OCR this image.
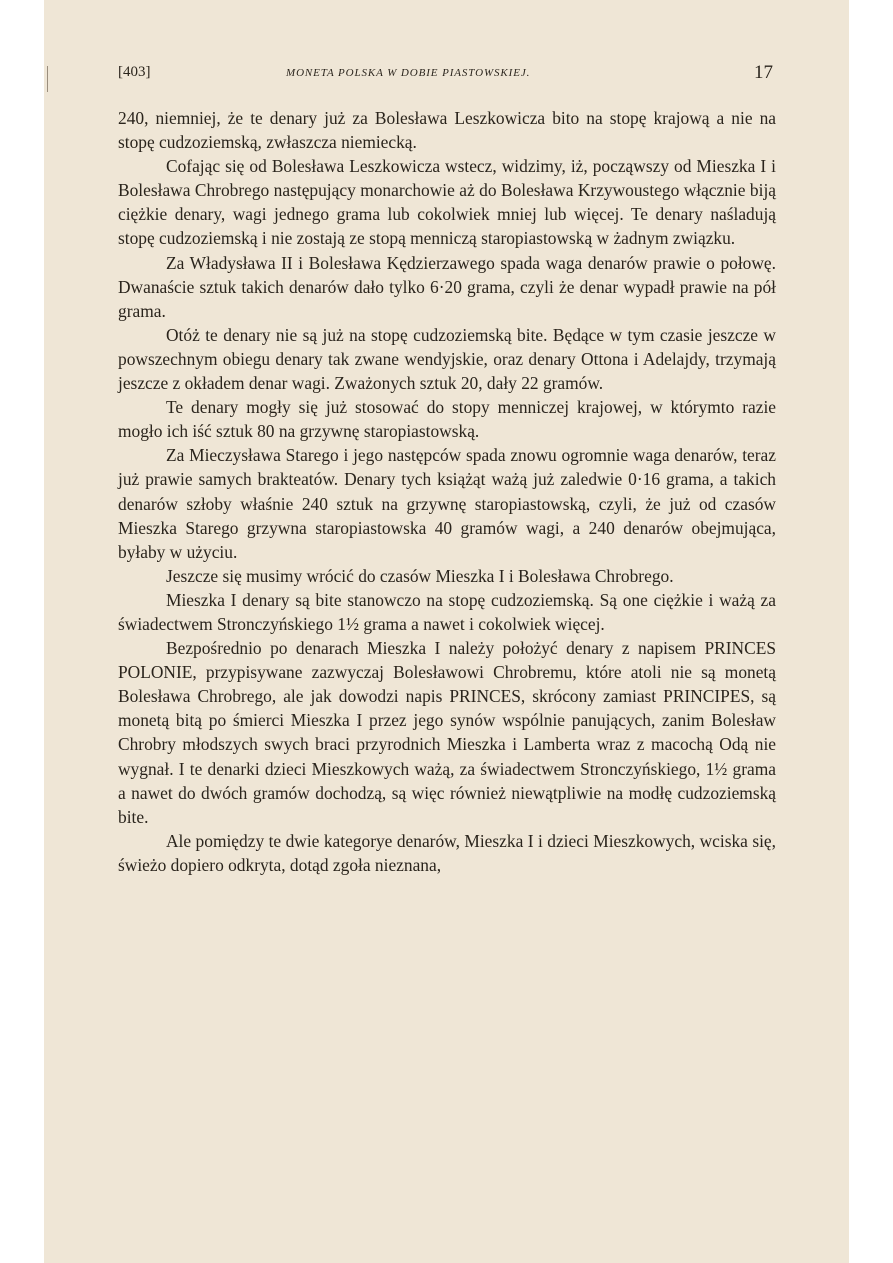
[403]	MONETA POLSKA W DOBIE PIASTOWSKIEJ.	17

240, niemniej, że te denary już za Bolesława Leszkowicza bito na stopę krajową a nie na stopę cudzoziemską, zwłaszcza niemiecką.

Cofając się od Bolesława Leszkowicza wstecz, widzimy, iż, począwszy od Mieszka I i Bolesława Chrobrego następujący monarchowie aż do Bolesława Krzywoustego włącznie biją ciężkie denary, wagi jednego grama lub cokolwiek mniej lub więcej. Te denary naśladują stopę cudzoziemską i nie zostają ze stopą menniczą staropiastowską w żadnym związku.

Za Władysława II i Bolesława Kędzierzawego spada waga denarów prawie o połowę. Dwanaście sztuk takich denarów dało tylko 6·20 grama, czyli że denar wypadł prawie na pół grama.

Otóż te denary nie są już na stopę cudzoziemską bite. Będące w tym czasie jeszcze w powszechnym obiegu denary tak zwane wendyjskie, oraz denary Ottona i Adelajdy, trzymają jeszcze z okładem denar wagi. Zważonych sztuk 20, dały 22 gramów.

Te denary mogły się już stosować do stopy menniczej krajowej, w którymto razie mogło ich iść sztuk 80 na grzywnę staropiastowską.

Za Mieczysława Starego i jego następców spada znowu ogromnie waga denarów, teraz już prawie samych brakteatów. Denary tych książąt ważą już zaledwie 0·16 grama, a takich denarów szłoby właśnie 240 sztuk na grzywnę staropiastowską, czyli, że już od czasów Mieszka Starego grzywna staropiastowska 40 gramów wagi, a 240 denarów obejmująca, byłaby w użyciu.

Jeszcze się musimy wrócić do czasów Mieszka I i Bolesława Chrobrego.

Mieszka I denary są bite stanowczo na stopę cudzoziemską. Są one ciężkie i ważą za świadectwem Stronczyńskiego 1½ grama a nawet i cokolwiek więcej.

Bezpośrednio po denarach Mieszka I należy położyć denary z napisem PRINCES POLONIE, przypisywane zazwyczaj Bolesławowi Chrobremu, które atoli nie są monetą Bolesława Chrobrego, ale jak dowodzi napis PRINCES, skrócony zamiast PRINCIPES, są monetą bitą po śmierci Mieszka I przez jego synów wspólnie panujących, zanim Bolesław Chrobry młodszych swych braci przyrodnich Mieszka i Lamberta wraz z macochą Odą nie wygnał. I te denarki dzieci Mieszkowych ważą, za świadectwem Stronczyńskiego, 1½ grama a nawet do dwóch gramów dochodzą, są więc również niewątpliwie na modłę cudzoziemską bite.

Ale pomiędzy te dwie kategorye denarów, Mieszka I i dzieci Mieszkowych, wciska się, świeżo dopiero odkryta, dotąd zgoła nieznana,
